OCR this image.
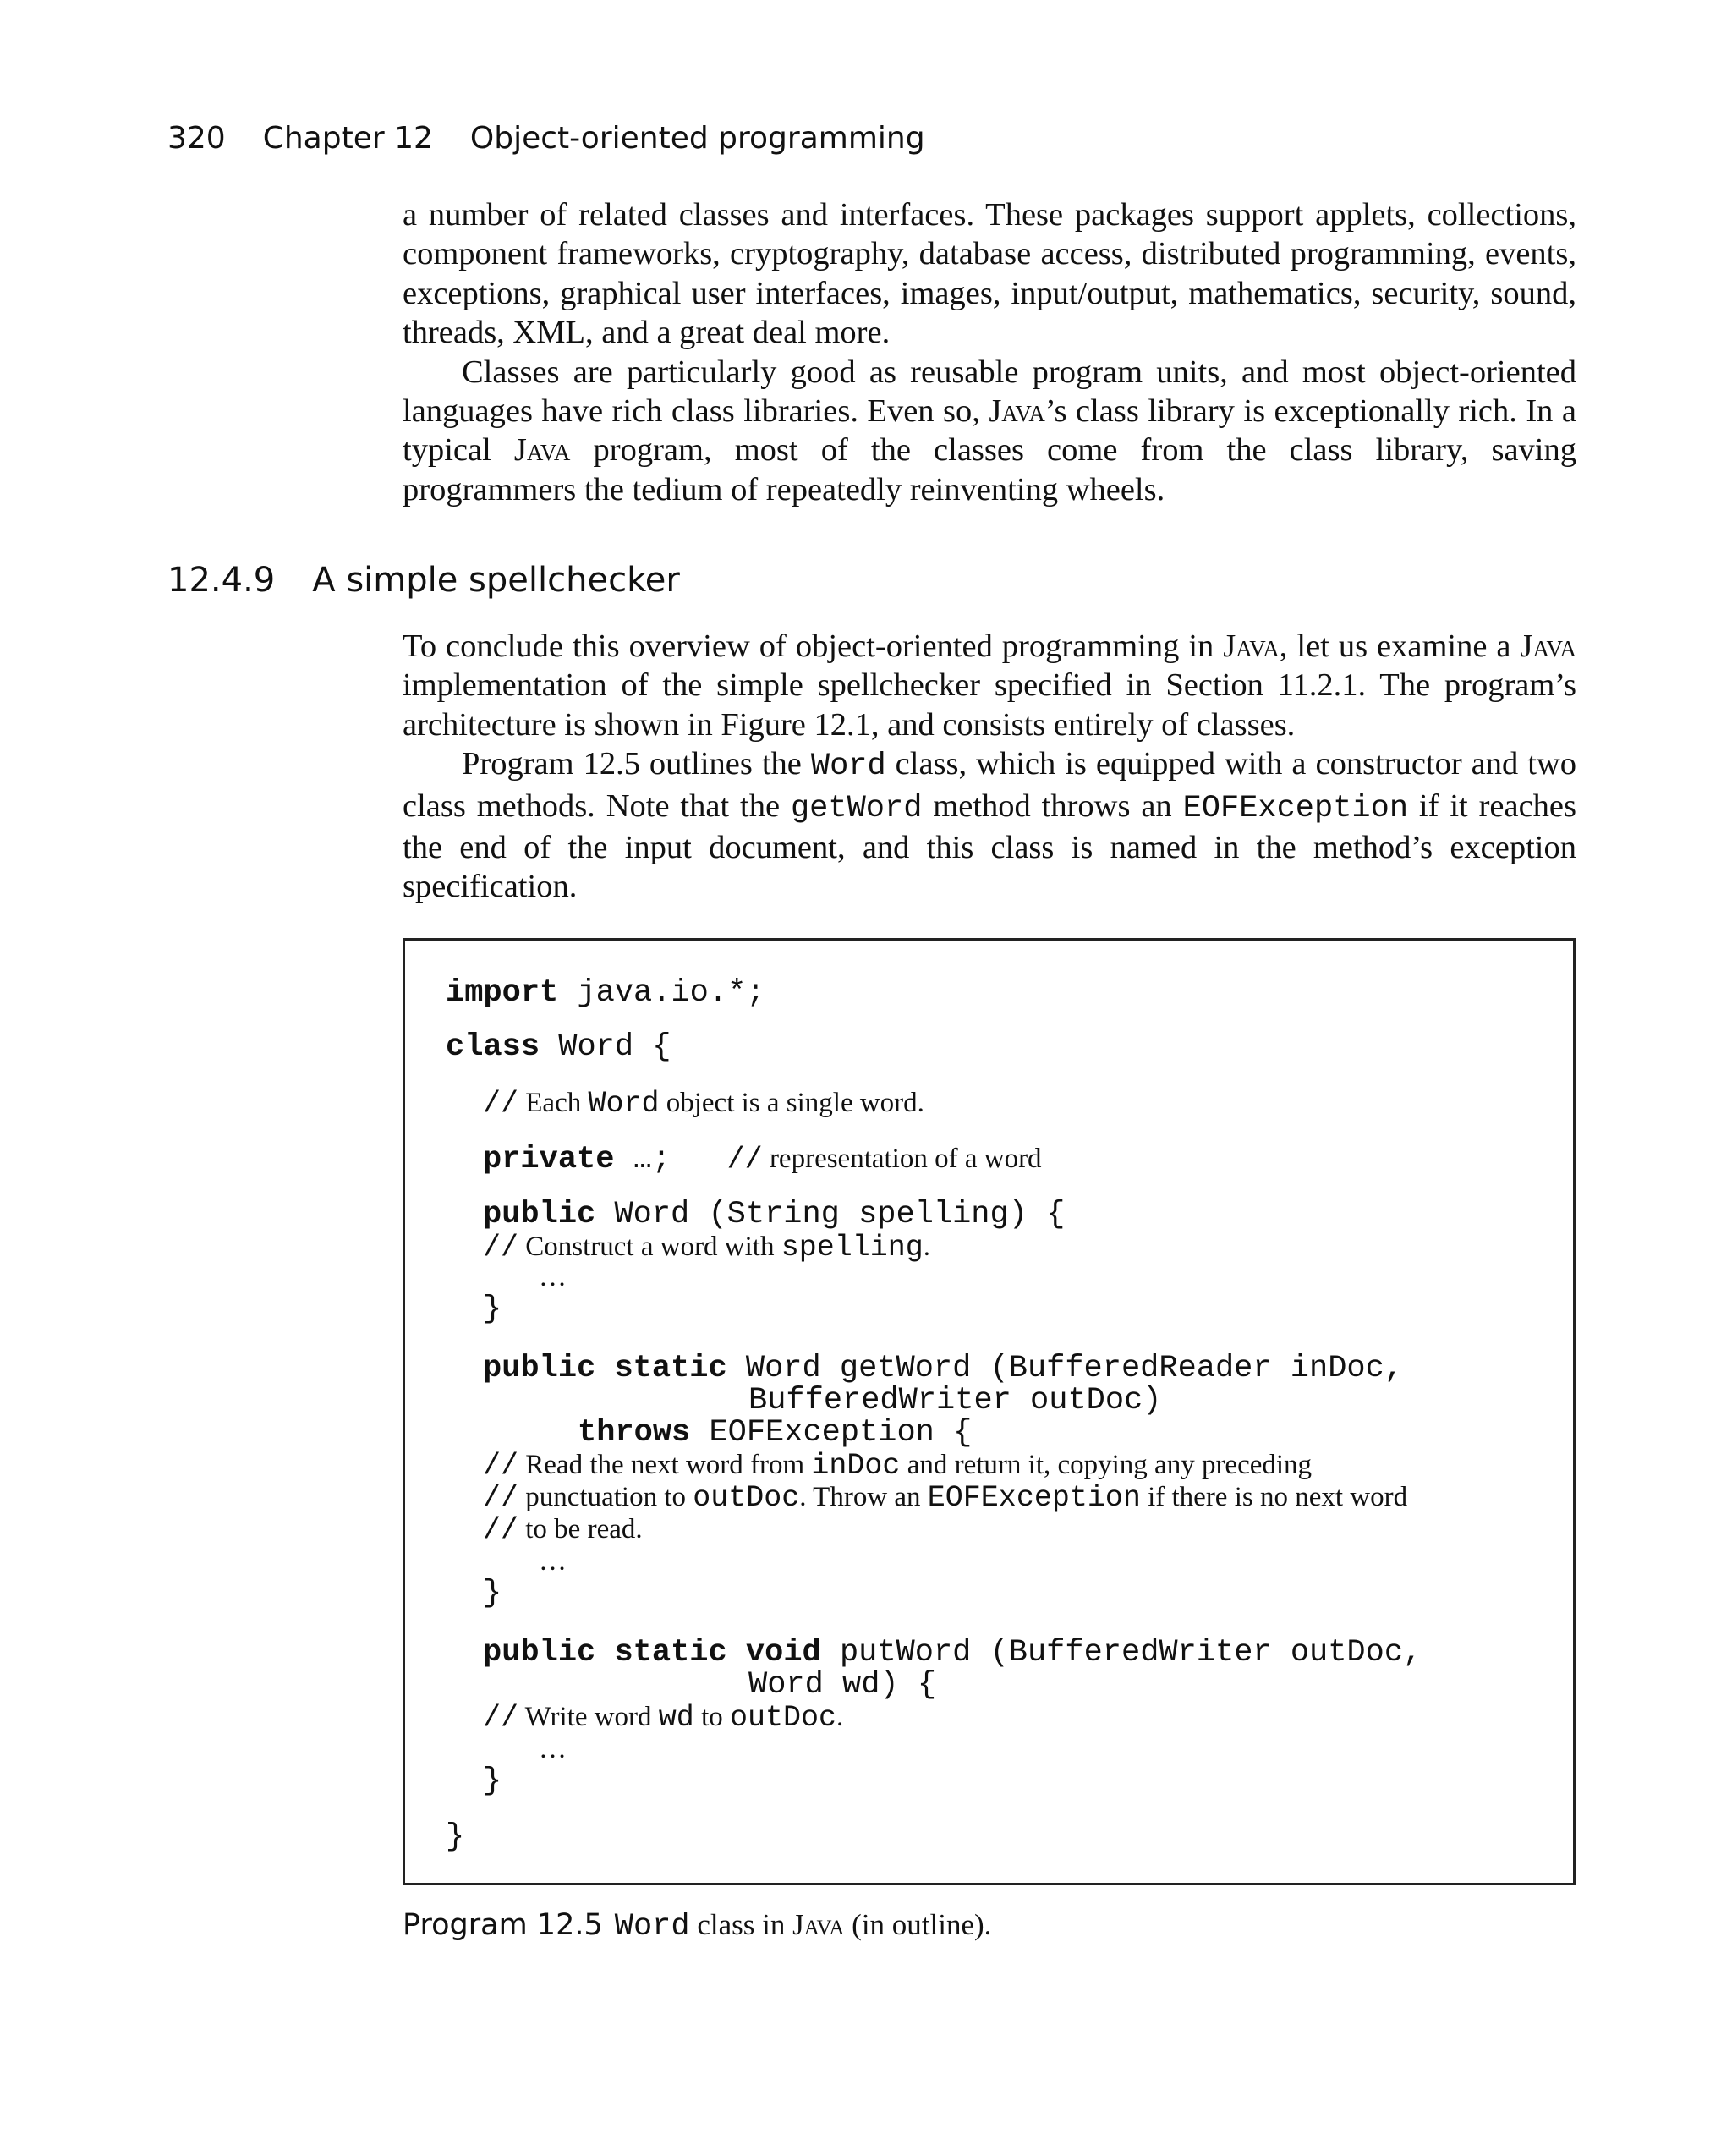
320 Chapter 12 Object-oriented programming

a number of related classes and interfaces. These packages support applets, collections, component frameworks, cryptography, database access, distributed programming, events, exceptions, graphical user interfaces, images, input/output, mathematics, security, sound, threads, XML, and a great deal more.

Classes are particularly good as reusable program units, and most object-oriented languages have rich class libraries. Even so, Java’s class library is exceptionally rich. In a typical Java program, most of the classes come from the class library, saving programmers the tedium of repeatedly reinventing wheels.

12.4.9 A simple spellchecker

To conclude this overview of object-oriented programming in Java, let us examine a Java implementation of the simple spellchecker specified in Section 11.2.1. The program’s architecture is shown in Figure 12.1, and consists entirely of classes.

Program 12.5 outlines the Word class, which is equipped with a constructor and two class methods. Note that the getWord method throws an EOFException if it reaches the end of the input document, and this class is named in the method’s exception specification.

import java.io.*;
class Word {
// Each Word object is a single word.
private …;   // representation of a word
public Word (String spelling) {
// Construct a word with spelling.
…
}
public static Word getWord (BufferedReader inDoc,
BufferedWriter outDoc)
throws EOFException {
// Read the next word from inDoc and return it, copying any preceding
// punctuation to outDoc. Throw an EOFException if there is no next word
// to be read.
…
}
public static void putWord (BufferedWriter outDoc,
Word wd) {
// Write word wd to outDoc.
…
}
}
Program 12.5 Word class in Java (in outline).
